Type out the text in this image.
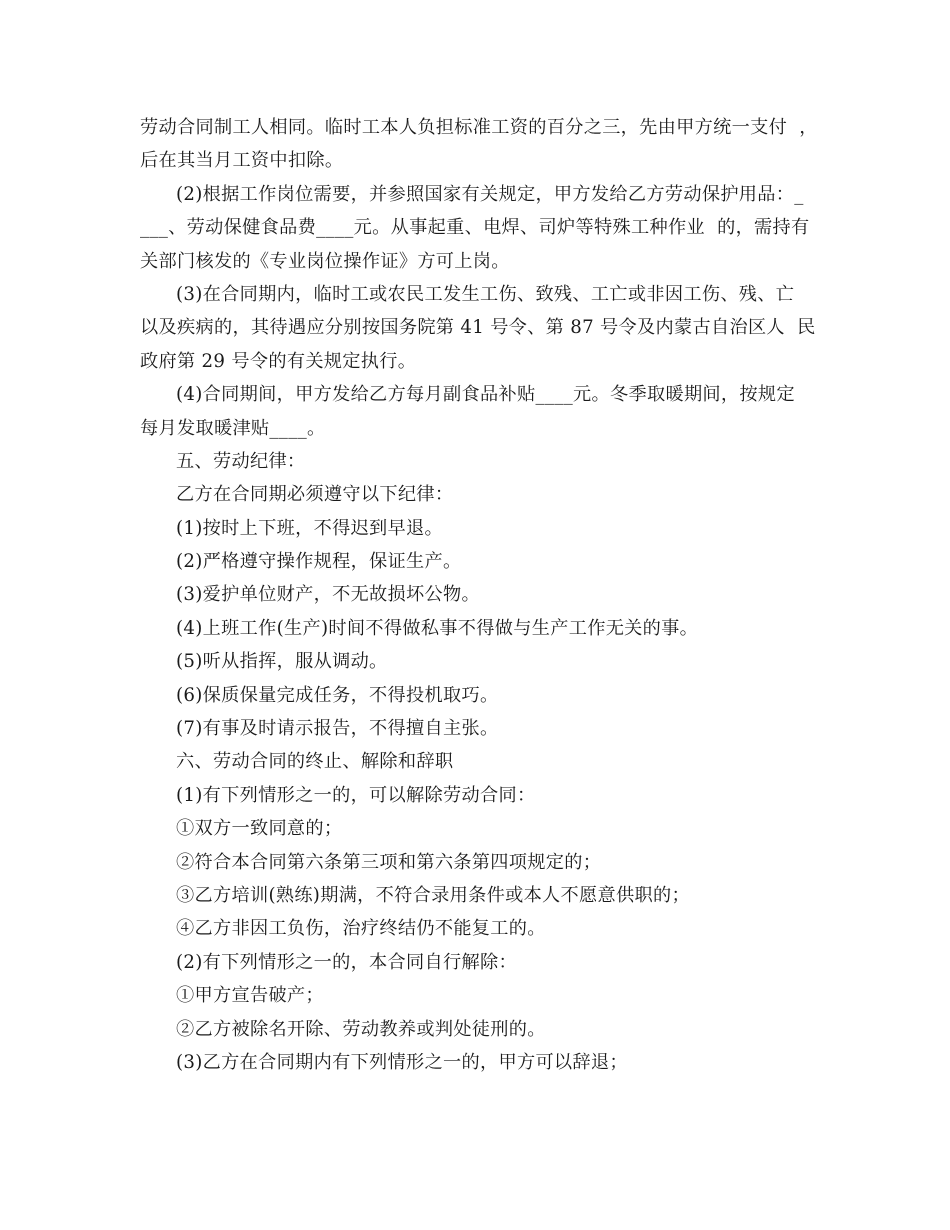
劳动合同制工人相同。临时工本人负担标准工资的百分之三，先由甲方统一支付  ，
后在其当月工资中扣除。
(2)根据工作岗位需要，并参照国家有关规定，甲方发给乙方劳动保护用品：_
___、劳动保健食品费____元。从事起重、电焊、司炉等特殊工种作业  的，需持有
关部门核发的《专业岗位操作证》方可上岗。
(3)在合同期内，临时工或农民工发生工伤、致残、工亡或非因工伤、残、亡
以及疾病的，其待遇应分别按国务院第 41 号令、第 87 号令及内蒙古自治区人  民
政府第 29 号令的有关规定执行。
(4)合同期间，甲方发给乙方每月副食品补贴____元。冬季取暖期间，按规定
每月发取暖津贴____。
五、劳动纪律：
乙方在合同期必须遵守以下纪律：
(1)按时上下班，不得迟到早退。
(2)严格遵守操作规程，保证生产。
(3)爱护单位财产，不无故损坏公物。
(4)上班工作(生产)时间不得做私事不得做与生产工作无关的事。
(5)听从指挥，服从调动。
(6)保质保量完成任务，不得投机取巧。
(7)有事及时请示报告，不得擅自主张。
六、劳动合同的终止、解除和辞职
(1)有下列情形之一的，可以解除劳动合同：
①双方一致同意的；
②符合本合同第六条第三项和第六条第四项规定的；
③乙方培训(熟练)期满，不符合录用条件或本人不愿意供职的；
④乙方非因工负伤，治疗终结仍不能复工的。
(2)有下列情形之一的，本合同自行解除：
①甲方宣告破产；
②乙方被除名开除、劳动教养或判处徒刑的。
(3)乙方在合同期内有下列情形之一的，甲方可以辞退；
